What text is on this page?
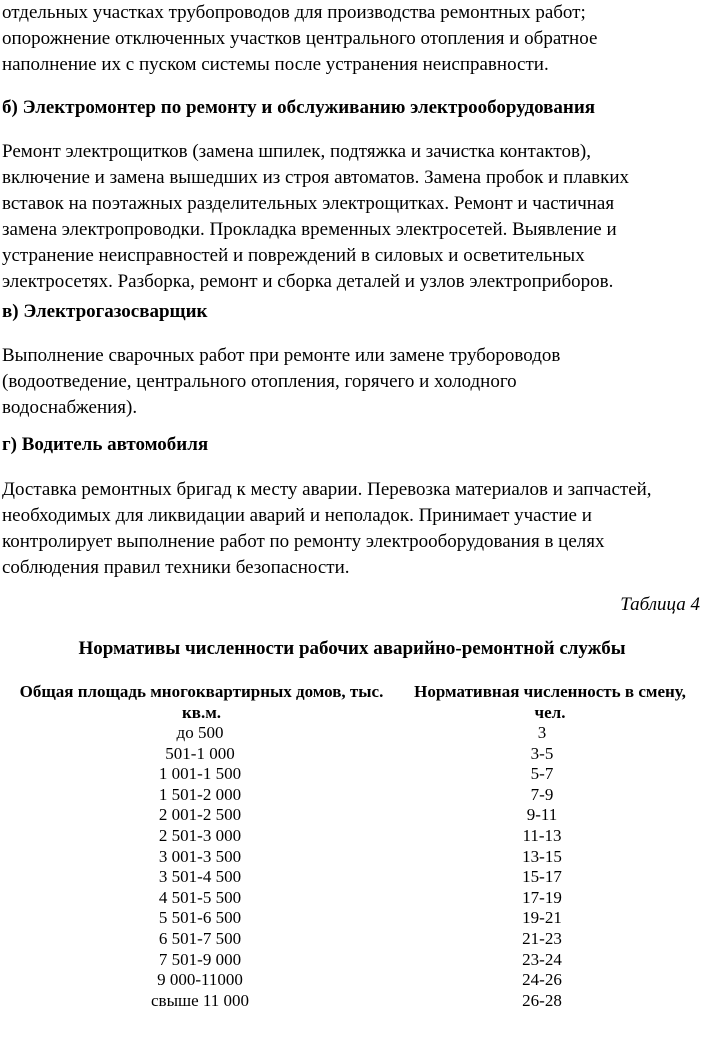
отдельных участках трубопроводов для производства ремонтных работ;
опорожнение отключенных участков центрального отопления и обратное
наполнение их с пуском системы после устранения неисправности.

б) Электромонтер по ремонту и обслуживанию электрооборудования

Ремонт электрощитков (замена шпилек, подтяжка и зачистка контактов),
включение и замена вышедших из строя автоматов. Замена пробок и плавких
вставок на поэтажных разделительных электрощитках. Ремонт и частичная
замена электропроводки. Прокладка временных электросетей. Выявление и
устранение неисправностей и повреждений в силовых и осветительных
электросетях. Разборка, ремонт и сборка деталей и узлов электроприборов.

в) Электрогазосварщик

Выполнение сварочных работ при ремонте или замене трубороводов
(водоотведение, центрального отопления, горячего и холодного
водоснабжения).

г) Водитель автомобиля

Доставка ремонтных бригад к месту аварии. Перевозка материалов и запчастей,
необходимых для ликвидации аварий и неполадок. Принимает участие и
контролирует выполнение работ по ремонту электрооборудования в целях
соблюдения правил техники безопасности.

Таблица 4
Нормативы численности рабочих аварийно-ремонтной службы
Общая площадь многоквартирных домов, тыс.
кв.м.
Нормативная численность в смену,
чел.
до 500	3
501-1 000	3-5
1 001-1 500	5-7
1 501-2 000	7-9
2 001-2 500	9-11
2 501-3 000	11-13
3 001-3 500	13-15
3 501-4 500	15-17
4 501-5 500	17-19
5 501-6 500	19-21
6 501-7 500	21-23
7 501-9 000	23-24
9 000-11000	24-26
свыше 11 000	26-28
